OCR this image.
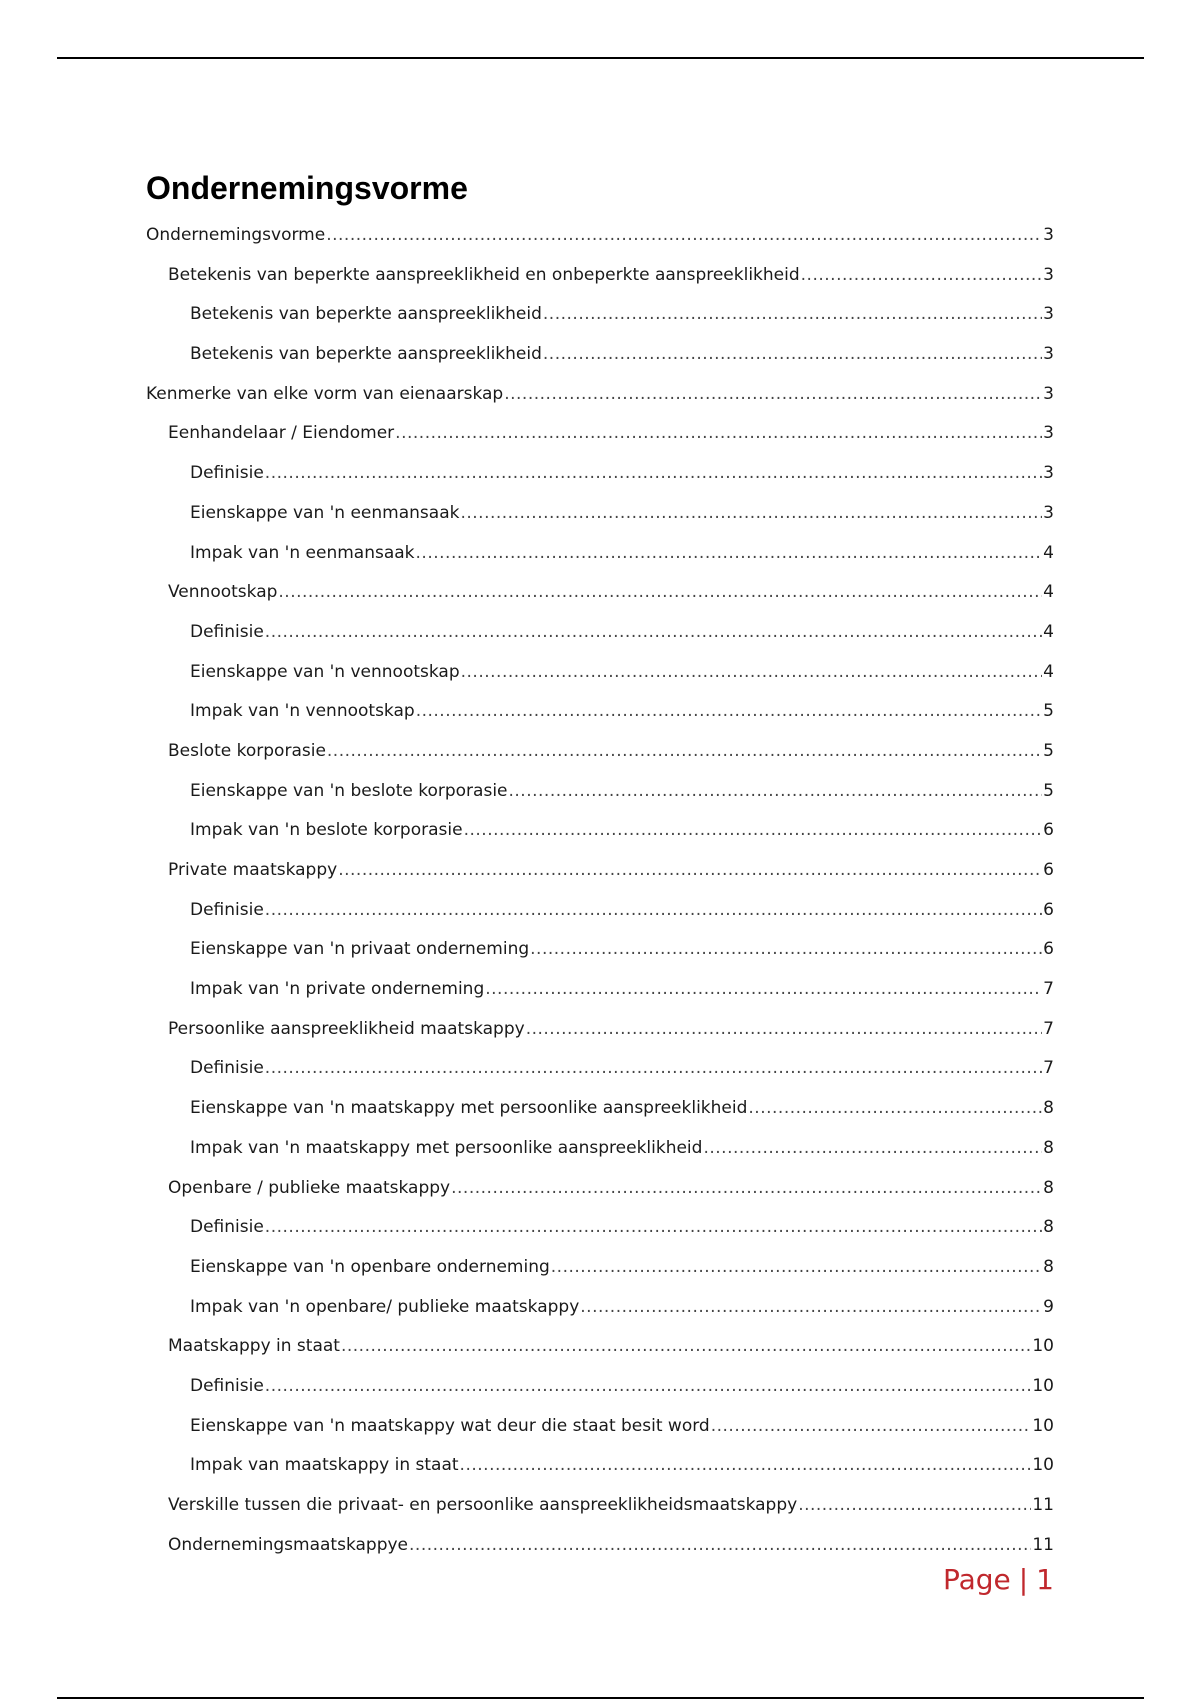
Ondernemingsvorme
Ondernemingsvorme .....	3
Betekenis van beperkte aanspreeklikheid en onbeperkte aanspreeklikheid .....	3
Betekenis van beperkte aanspreeklikheid .....	3
Betekenis van beperkte aanspreeklikheid .....	3
Kenmerke van elke vorm van eienaarskap .....	3
Eenhandelaar / Eiendomer .....	3
Definisie .....	3
Eienskappe van 'n eenmansaak .....	3
Impak van 'n eenmansaak .....	4
Vennootskap .....	4
Definisie .....	4
Eienskappe van 'n vennootskap .....	4
Impak van 'n vennootskap .....	5
Beslote korporasie .....	5
Eienskappe van 'n beslote korporasie .....	5
Impak van 'n beslote korporasie .....	6
Private maatskappy .....	6
Definisie .....	6
Eienskappe van 'n privaat onderneming .....	6
Impak van 'n private onderneming .....	7
Persoonlike aanspreeklikheid maatskappy .....	7
Definisie .....	7
Eienskappe van 'n maatskappy met persoonlike aanspreeklikheid .....	8
Impak van 'n maatskappy met persoonlike aanspreeklikheid .....	8
Openbare / publieke maatskappy .....	8
Definisie .....	8
Eienskappe van 'n openbare onderneming .....	8
Impak van 'n openbare/ publieke maatskappy .....	9
Maatskappy in staat .....	10
Definisie .....	10
Eienskappe van 'n maatskappy wat deur die staat besit word .....	10
Impak van maatskappy in staat .....	10
Verskille tussen die privaat- en persoonlike aanspreeklikheidsmaatskappy .....	11
Ondernemingsmaatskappye .....	11
Page | 1
